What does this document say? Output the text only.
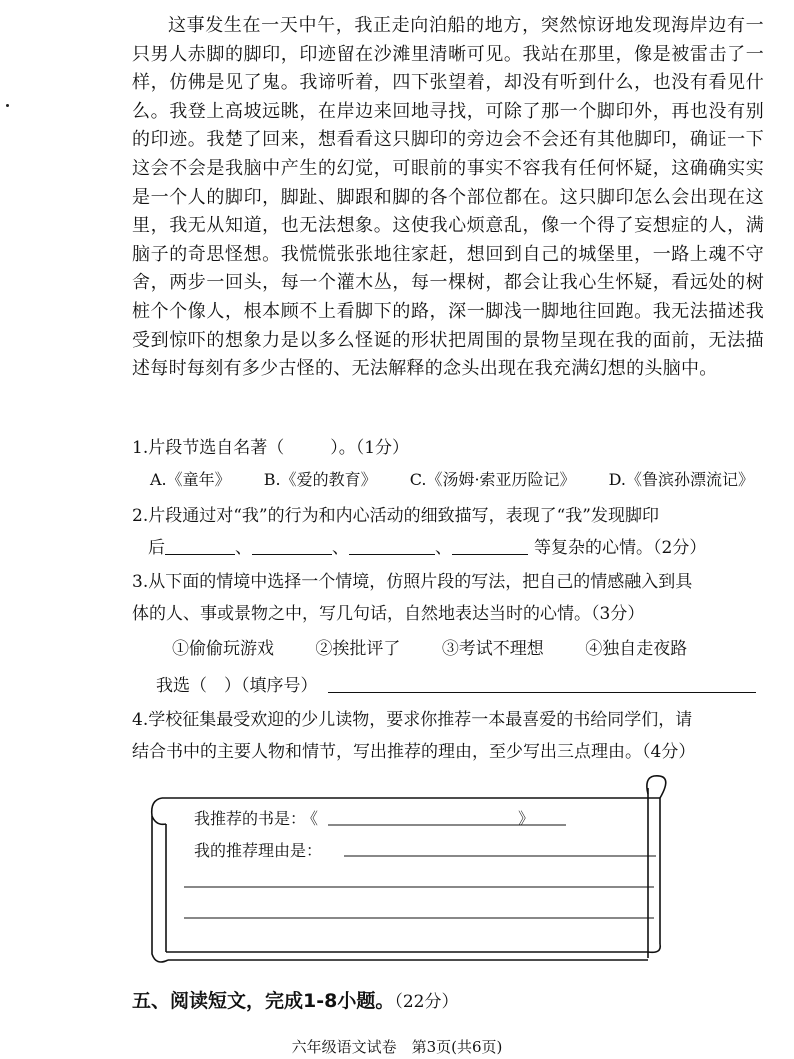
这事发生在一天中午，我正走向泊船的地方，突然惊讶地发现海岸边有一只男人赤脚的脚印，印迹留在沙滩里清晰可见。我站在那里，像是被雷击了一样，仿佛是见了鬼。我谛听着，四下张望着，却没有听到什么，也没有看见什么。我登上高坡远眺，在岸边来回地寻找，可除了那一个脚印外，再也没有别的印迹。我楚了回来，想看看这只脚印的旁边会不会还有其他脚印，确证一下这会不会是我脑中产生的幻觉，可眼前的事实不容我有任何怀疑，这确确实实是一个人的脚印，脚趾、脚跟和脚的各个部位都在。这只脚印怎么会出现在这里，我无从知道，也无法想象。这使我心烦意乱，像一个得了妄想症的人，满脑子的奇思怪想。我慌慌张张地往家赶，想回到自己的城堡里，一路上魂不守舍，两步一回头，每一个灌木丛，每一棵树，都会让我心生怀疑，看远处的树桩个个像人，根本顾不上看脚下的路，深一脚浅一脚地往回跑。我无法描述我受到惊吓的想象力是以多么怪诞的形状把周围的景物呈现在我的面前，无法描述每时每刻有多少古怪的、无法解释的念头出现在我充满幻想的头脑中。

1.片段节选自名著（	）。（1分）
A.《童年》 B.《爱的教育》 C.《汤姆·索亚历险记》 D.《鲁滨孙漂流记》
2.片段通过对“我”的行为和内心活动的细致描写，表现了“我”发现脚印
后	、	、	、	等复杂的心情。（2分）
3.从下面的情境中选择一个情境，仿照片段的写法，把自己的情感融入到具
体的人、事或景物之中，写几句话，自然地表达当时的心情。（3分）
①偷偷玩游戏 ②挨批评了 ③考试不理想 ④独自走夜路
我选（　）（填序号）
4.学校征集最受欢迎的少儿读物，要求你推荐一本最喜爱的书给同学们，请
结合书中的主要人物和情节，写出推荐的理由，至少写出三点理由。（4分）
我推荐的书是： 《	》
我的推荐理由是：
五、阅读短文，完成1-8小题。（22分）
六年级语文试卷　第3页(共6页)
